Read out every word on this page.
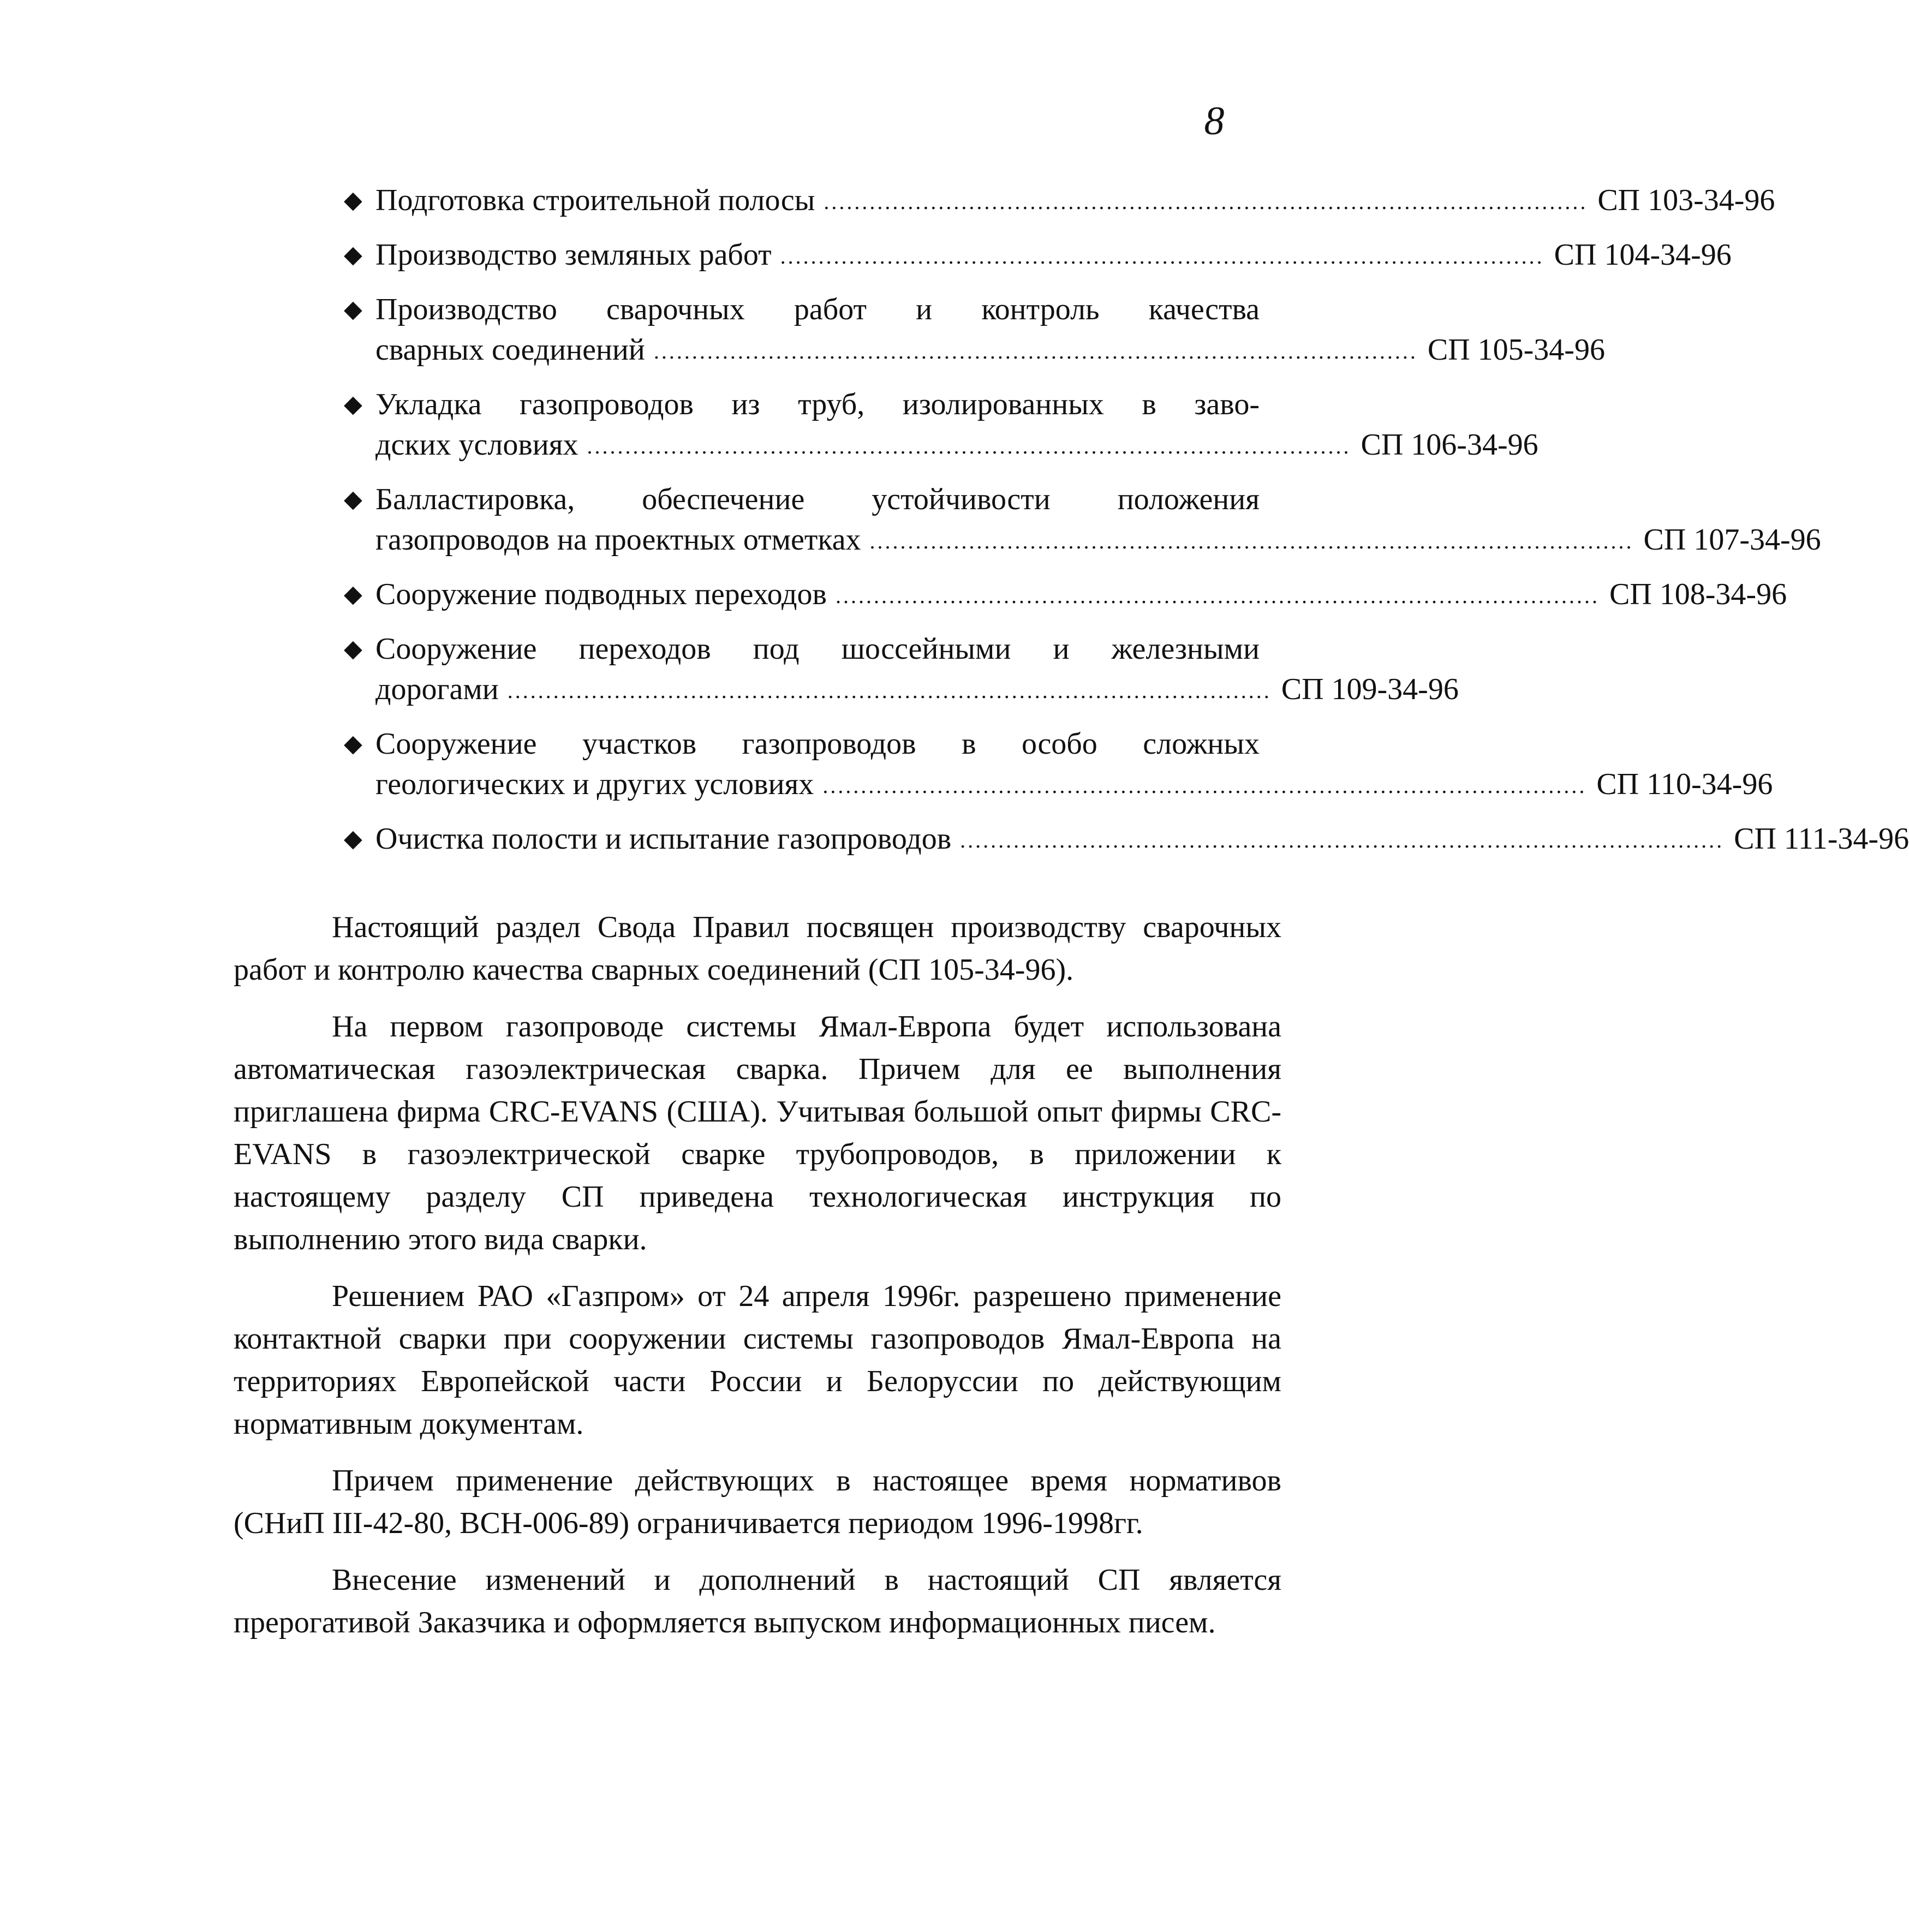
8
◆ Подготовка строительной полосы .................................................................................................... СП 103-34-96
◆ Производство земляных работ .................................................................................................... СП 104-34-96
◆ Производство сварочных работ и контроль качества
сварных соединений .................................................................................................... СП 105-34-96
◆ Укладка газопроводов из труб, изолированных в заво-
дских условиях .................................................................................................... СП 106-34-96
◆ Балластировка, обеспечение устойчивости положения
газопроводов на проектных отметках .................................................................................................... СП 107-34-96
◆ Сооружение подводных переходов .................................................................................................... СП 108-34-96
◆ Сооружение переходов под шоссейными и железными
дорогами .................................................................................................... СП 109-34-96
◆ Сооружение участков газопроводов в особо сложных
геологических и других условиях .................................................................................................... СП 110-34-96
◆ Очистка полости и испытание газопроводов .................................................................................................... СП 111-34-96

Настоящий раздел Свода Правил посвящен производству сварочных работ и контролю качества сварных соединений (СП 105-34-96).

На первом газопроводе системы Ямал-Европа будет использована автоматическая газоэлектрическая сварка. Причем для ее выполнения приглашена фирма CRC-EVANS (США). Учитывая большой опыт фирмы CRC-EVANS в газоэлектрической сварке трубопроводов, в приложении к настоящему разделу СП приведена технологическая инструкция по выполнению этого вида сварки.

Решением РАО «Газпром» от 24 апреля 1996г. разрешено применение контактной сварки при сооружении системы газопроводов Ямал-Европа на территориях Европейской части России и Белоруссии по действующим нормативным документам.

Причем применение действующих в настоящее время нормативов (СНиП III-42-80, ВСН-006-89) ограничивается периодом 1996-1998гг.

Внесение изменений и дополнений в настоящий СП является прерогативой Заказчика и оформляется выпуском информационных писем.
